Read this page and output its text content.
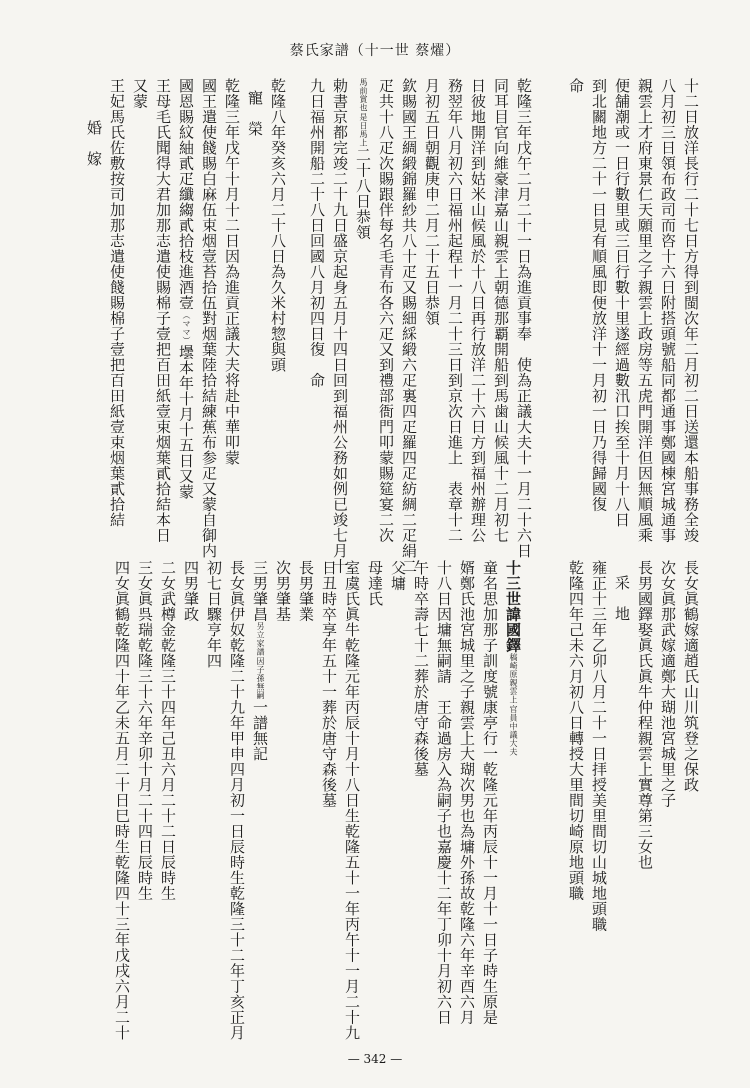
蔡氏家譜（十一世 蔡燿）
十二日放洋長行二十七日方得到閩次年二月初二日送還本船事務全竣
八月初三日領布政司而咨十六日附搭頭號船同都通事鄭國棟宮城通事
親雲上才府東景仁天願里之子親雲上政房等五虎門開洋但因無順風乘
便舗潮或一日行數里或三日行數十里遂經過數汛口挨至十月十八日
到北關地方二十一日見有順風即便放洋十一月初一日乃得歸國復
命
乾隆三年戊午二月二十一日為進貢事奉　使為正議大夫十一月二十六日
同耳目官向維豪津嘉山親雲上朝德那覇開船到馬歯山候風十二月初七
日彼地開洋到姑米山候風於十八日再行放洋二十六日方到福州辦理公
務翌年八月初六日福州起程十一月二十三日到京次日進上　表章十二
月初五日朝觀庚申二月二十五日恭領
欽賜國王綢緞錦羅紗共八十疋又賜細綵緞六疋裏四疋羅四疋紡綢二疋絹二
疋共十八疋次賜跟伴每名毛青布各六疋又到禮部衙門叩蒙賜筵宴二次
是日馬上
馬前賞也
二十八日恭領
勅書京都完竣二十九日盛京起身五月十四日回到福州公務如例已竣七月十
九日福州開船二十八日回國八月初四日復　命
乾隆八年癸亥六月二十八日為久米村惣與頭
寵　榮
乾隆三年戊午十月十二日因為進貢正議大夫将赴中華叩蒙
國王遣使餞賜白麻伍束烟壹苔拾伍對烟葉陸拾結練蕉布参疋又蒙自御内
國恩賜紋紬貳疋纖縐貳拾枝進酒壹（ママ）壜本年十月十五日又蒙
王母毛氏聞得大君加那志遣使賜棉子壹把百田紙壹束烟葉貳拾結本日
又蒙
王妃馬氏佐敷按司加那志遣使餞賜棉子壹把百田紙壹束烟葉貳拾結
婚　嫁
長女眞鶴嫁適趙氏山川筑登之保政
次女眞那武嫁適鄭大瑚池宮城里之子
長男國鐸娶眞氏眞牛仲程親雲上實尊第三女也
采　地
雍正十三年乙卯八月二十一日拝授美里間切山城地頭職
乾隆四年己未六月初八日轉授大里間切崎原地頭職
十三世諱國鐸
官員中議大夫
稿崎原親雲上
童名思加那子訓度號康亭行一乾隆元年丙辰十一月十一日子時生原是
婿鄭氏池宮城里之子親雲上大瑚次男也為墉外孫故乾隆六年辛酉六月
十八日因墉無嗣請　王命過房入為嗣子也嘉慶十二年丁卯十月初六日
午時卒壽七十二葬於唐守森後墓
父墉
母達氏
室虞氏眞牛乾隆元年丙辰十月十八日生乾隆五十一年丙午十一月二十九
日丑時卒享年五十一葬於唐守森後墓
長男肇業
次男肇基
三男肇昌
因子孫無嗣
另立家譜
一譜無記
長女眞伊奴乾隆二十九年甲申四月初一日辰時生乾隆三十二年丁亥正月
初七日驟亨年四
四男肇政
二女武樽金乾隆三十四年己丑六月二十二日辰時生
三女眞呉瑞乾隆三十六年辛卯十月二十四日辰時生
四女眞鶴乾隆四十年乙未五月二十日巳時生乾隆四十三年戊戌六月二十
— 342 —
